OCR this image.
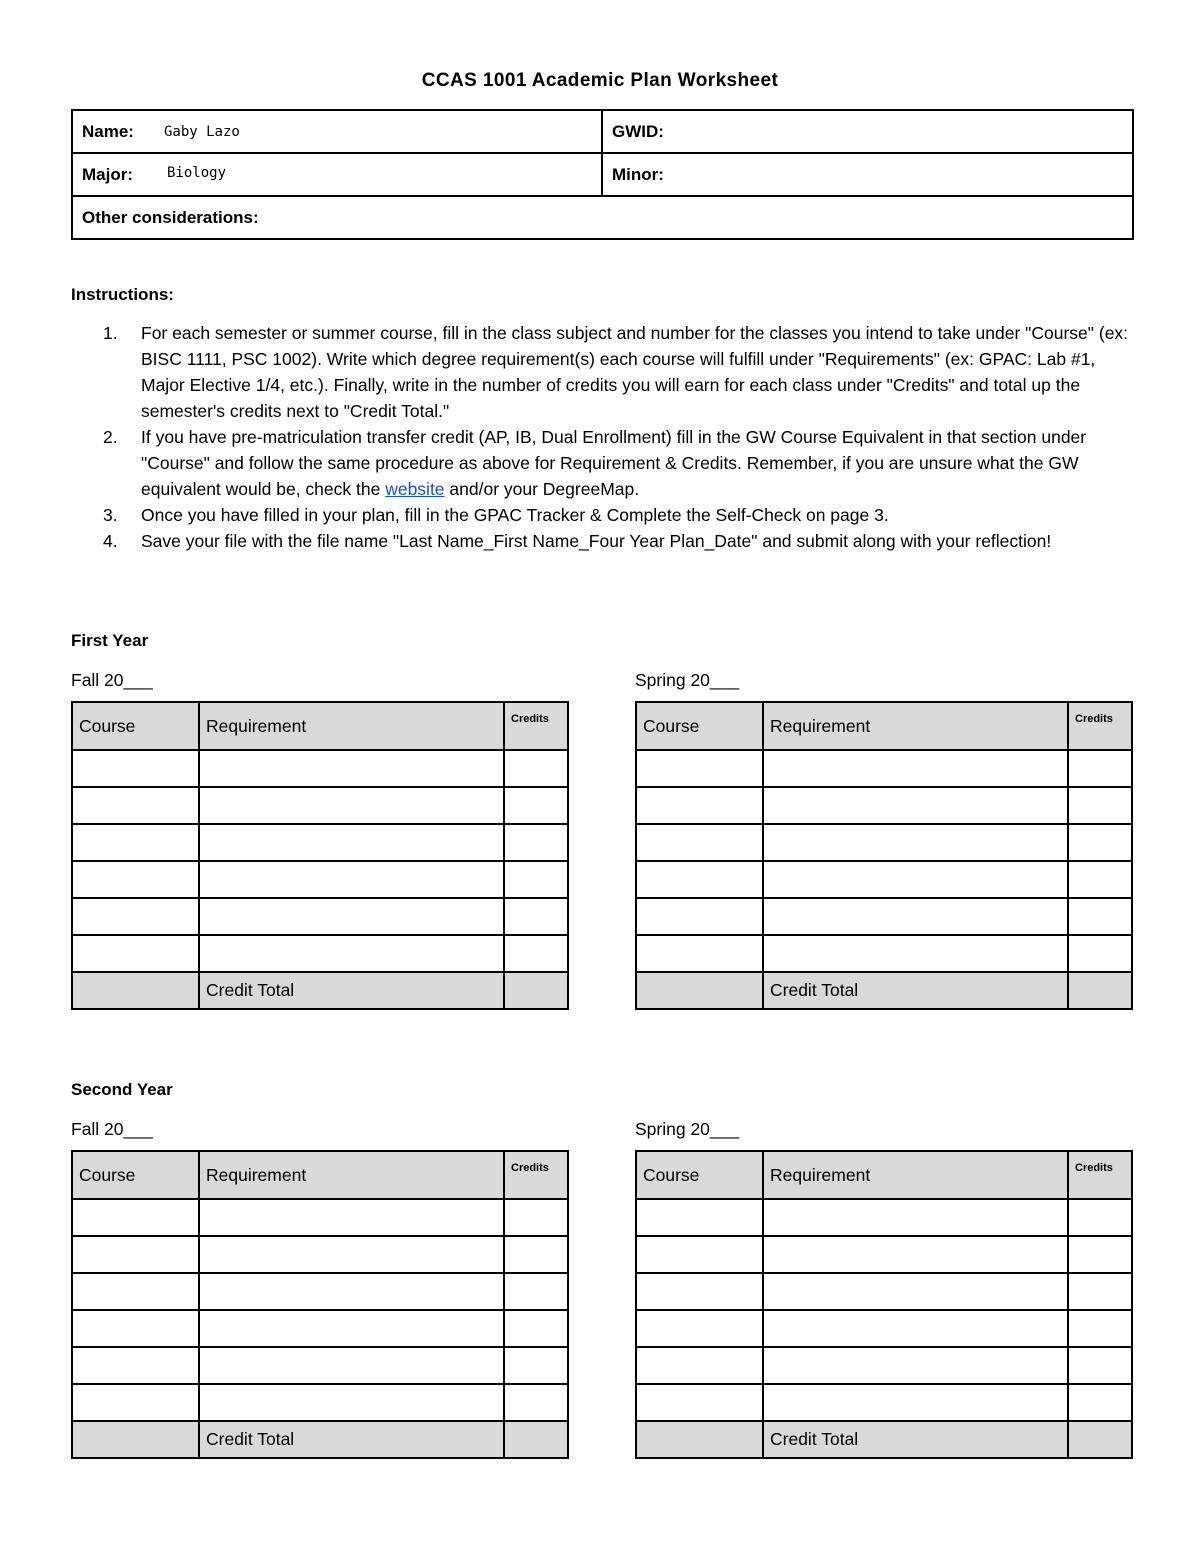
CCAS 1001 Academic Plan Worksheet
Name: Gaby Lazo	GWID:
Major: Biology	Minor:
Other considerations:	
Instructions:
1. For each semester or summer course, fill in the class subject and number for the classes you intend to take under "Course" (ex: BISC 1111, PSC 1002). Write which degree requirement(s) each course will fulfill under "Requirements" (ex: GPAC: Lab #1, Major Elective 1/4, etc.). Finally, write in the number of credits you will earn for each class under "Credits" and total up the semester's credits next to "Credit Total."
2. If you have pre-matriculation transfer credit (AP, IB, Dual Enrollment) fill in the GW Course Equivalent in that section under "Course" and follow the same procedure as above for Requirement & Credits. Remember, if you are unsure what the GW equivalent would be, check the website and/or your DegreeMap.
3. Once you have filled in your plan, fill in the GPAC Tracker & Complete the Self-Check on page 3.
4. Save your file with the file name "Last Name_First Name_Four Year Plan_Date" and submit along with your reflection!
First Year
Fall 20___	Spring 20___
Course	Requirement	Credits

	Credit Total	
Course	Requirement	Credits

	Credit Total	
Second Year
Fall 20___	Spring 20___
Course	Requirement	Credits

	Credit Total	
Course	Requirement	Credits

	Credit Total	
